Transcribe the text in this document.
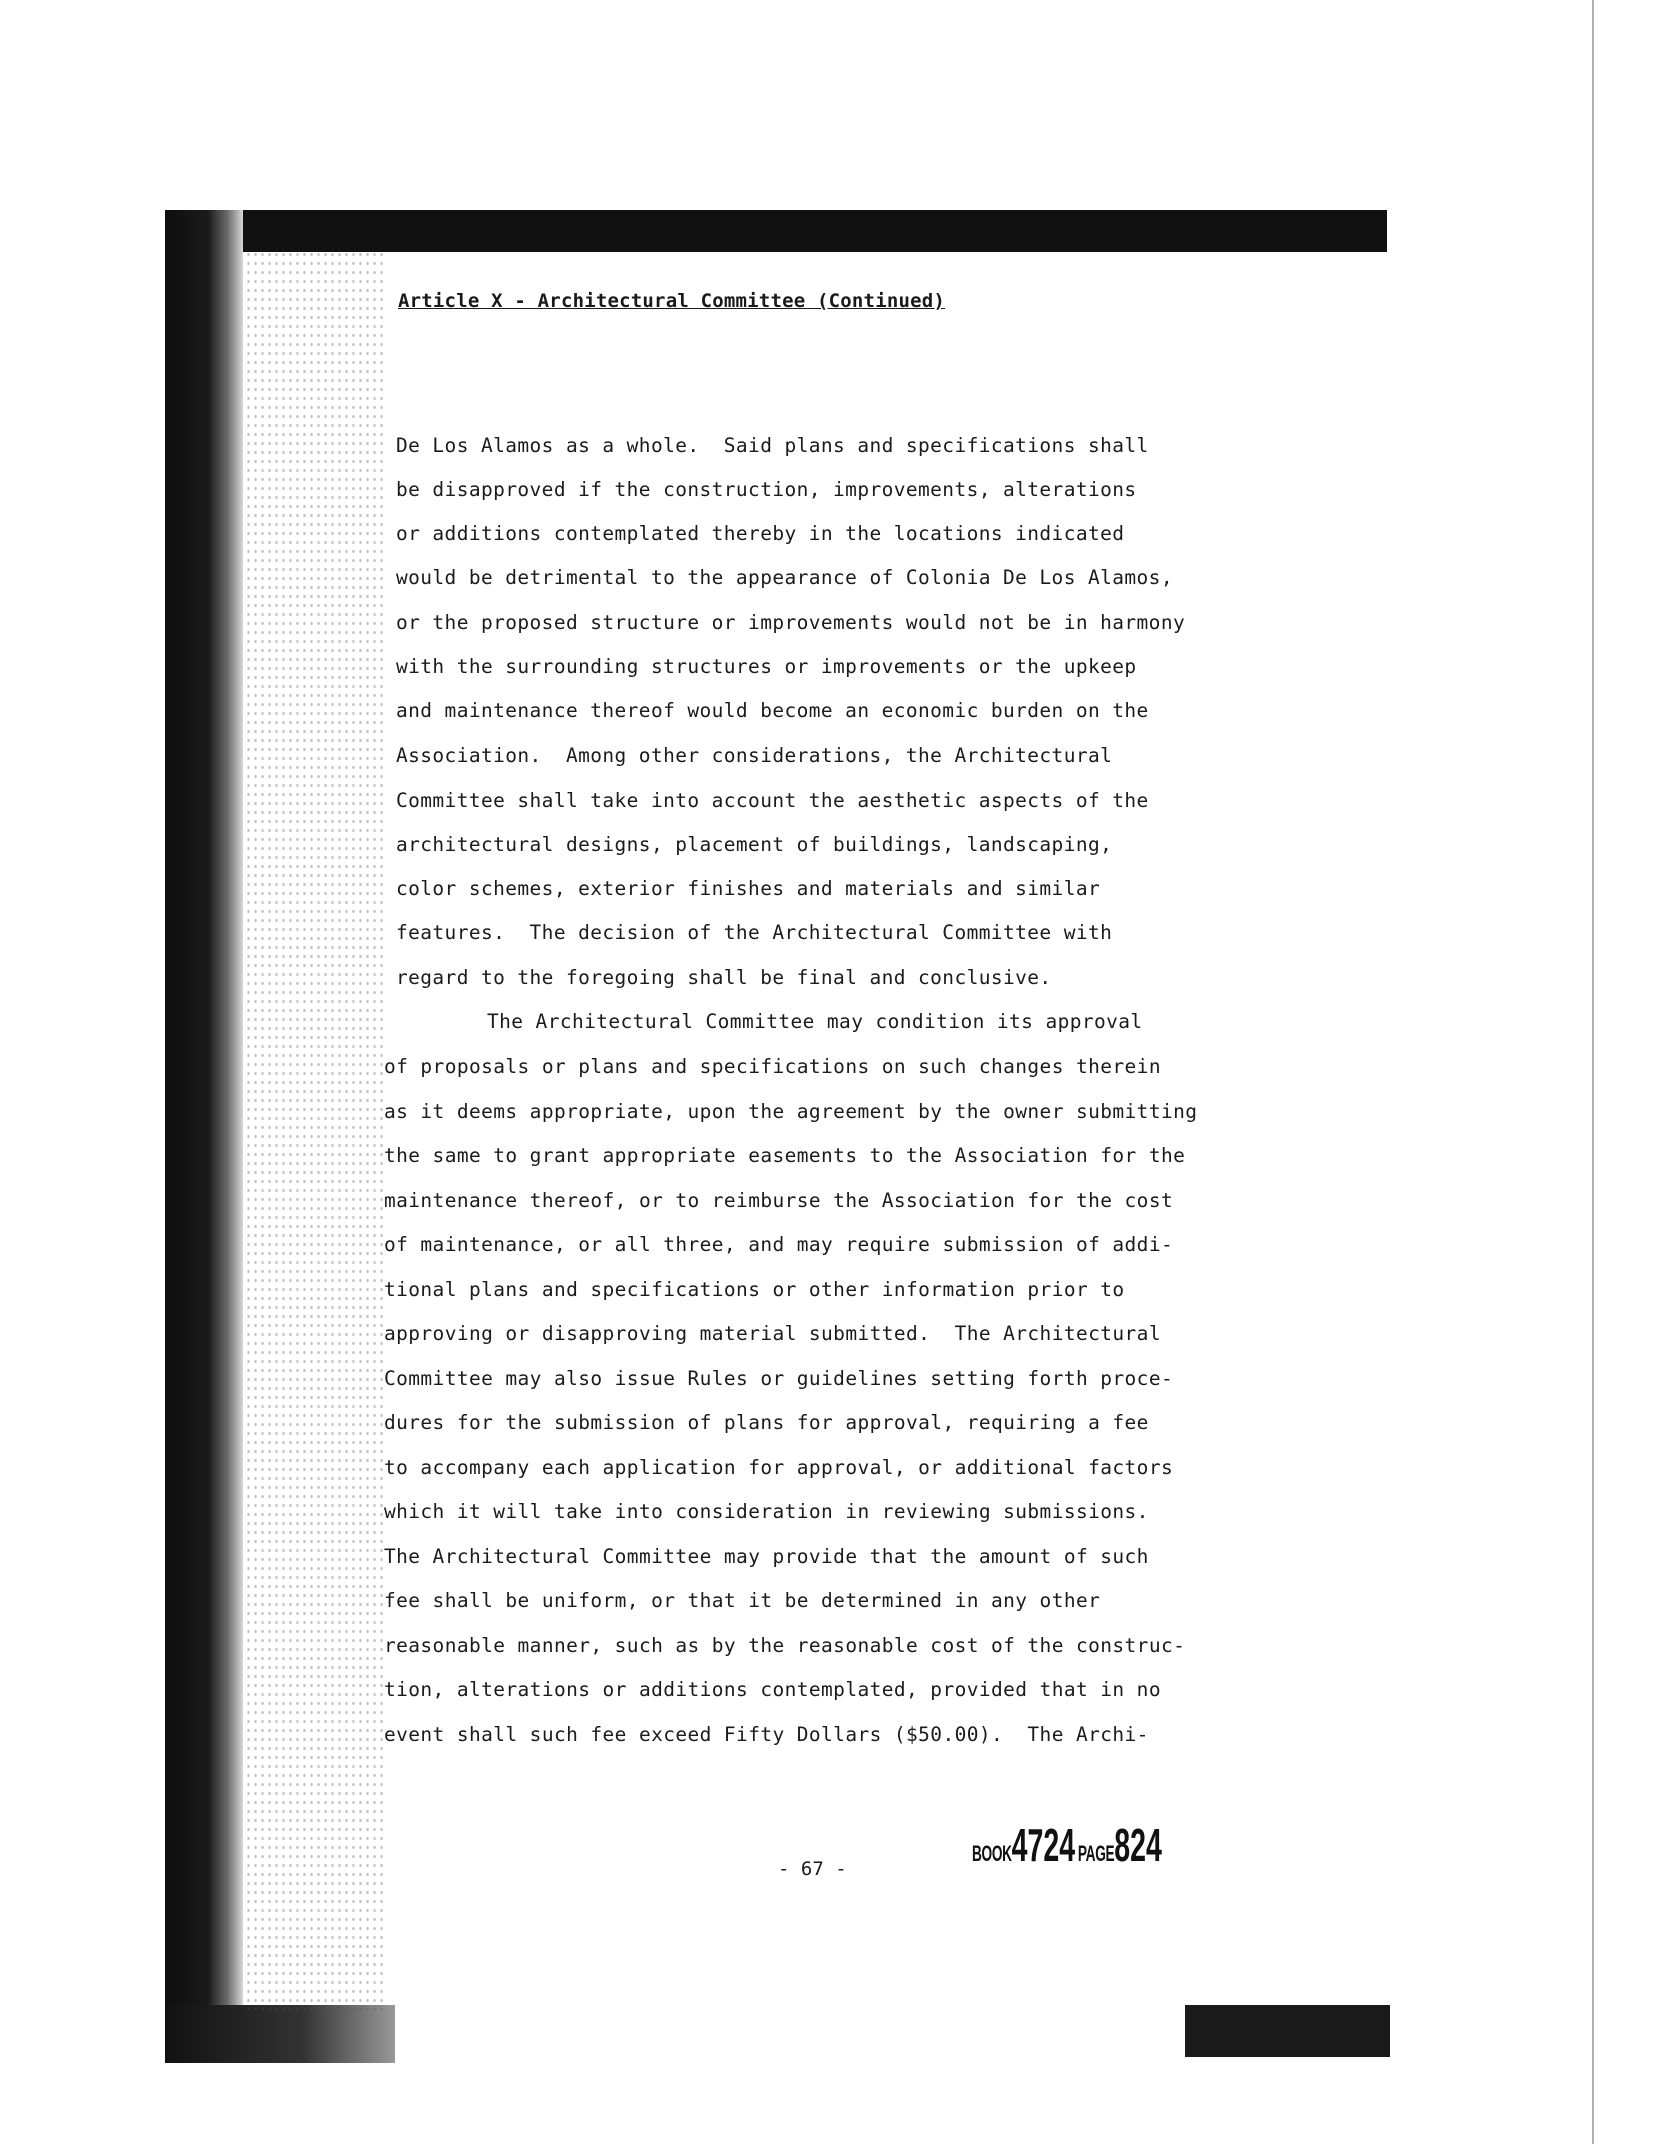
Article X - Architectural Committee (Continued)
De Los Alamos as a whole.  Said plans and specifications shall
be disapproved if the construction, improvements, alterations
or additions contemplated thereby in the locations indicated
would be detrimental to the appearance of Colonia De Los Alamos,
or the proposed structure or improvements would not be in harmony
with the surrounding structures or improvements or the upkeep
and maintenance thereof would become an economic burden on the
Association.  Among other considerations, the Architectural
Committee shall take into account the aesthetic aspects of the
architectural designs, placement of buildings, landscaping,
color schemes, exterior finishes and materials and similar
features.  The decision of the Architectural Committee with
regard to the foregoing shall be final and conclusive.
The Architectural Committee may condition its approval
of proposals or plans and specifications on such changes therein
as it deems appropriate, upon the agreement by the owner submitting
the same to grant appropriate easements to the Association for the
maintenance thereof, or to reimburse the Association for the cost
of maintenance, or all three, and may require submission of addi-
tional plans and specifications or other information prior to
approving or disapproving material submitted.  The Architectural
Committee may also issue Rules or guidelines setting forth proce-
dures for the submission of plans for approval, requiring a fee
to accompany each application for approval, or additional factors
which it will take into consideration in reviewing submissions.
The Architectural Committee may provide that the amount of such
fee shall be uniform, or that it be determined in any other
reasonable manner, such as by the reasonable cost of the construc-
tion, alterations or additions contemplated, provided that in no
event shall such fee exceed Fifty Dollars ($50.00).  The Archi-
- 67 -
BOOK4724 PAGE824
